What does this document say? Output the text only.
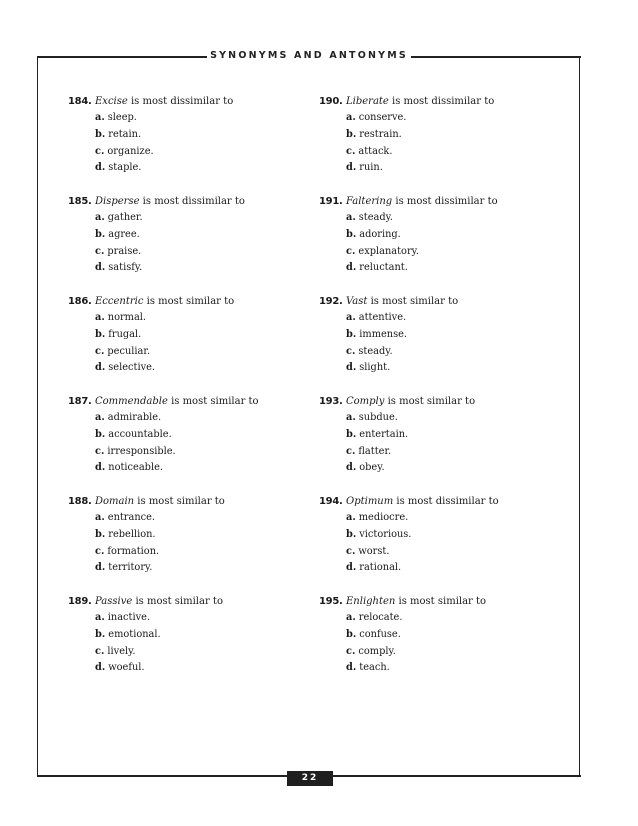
SYNONYMS AND ANTONYMS
184. Excise is most dissimilar to
a. sleep.
b. retain.
c. organize.
d. staple.
185. Disperse is most dissimilar to
a. gather.
b. agree.
c. praise.
d. satisfy.
186. Eccentric is most similar to
a. normal.
b. frugal.
c. peculiar.
d. selective.
187. Commendable is most similar to
a. admirable.
b. accountable.
c. irresponsible.
d. noticeable.
188. Domain is most similar to
a. entrance.
b. rebellion.
c. formation.
d. territory.
189. Passive is most similar to
a. inactive.
b. emotional.
c. lively.
d. woeful.
190. Liberate is most dissimilar to
a. conserve.
b. restrain.
c. attack.
d. ruin.
191. Faltering is most dissimilar to
a. steady.
b. adoring.
c. explanatory.
d. reluctant.
192. Vast is most similar to
a. attentive.
b. immense.
c. steady.
d. slight.
193. Comply is most similar to
a. subdue.
b. entertain.
c. flatter.
d. obey.
194. Optimum is most dissimilar to
a. mediocre.
b. victorious.
c. worst.
d. rational.
195. Enlighten is most similar to
a. relocate.
b. confuse.
c. comply.
d. teach.
22
